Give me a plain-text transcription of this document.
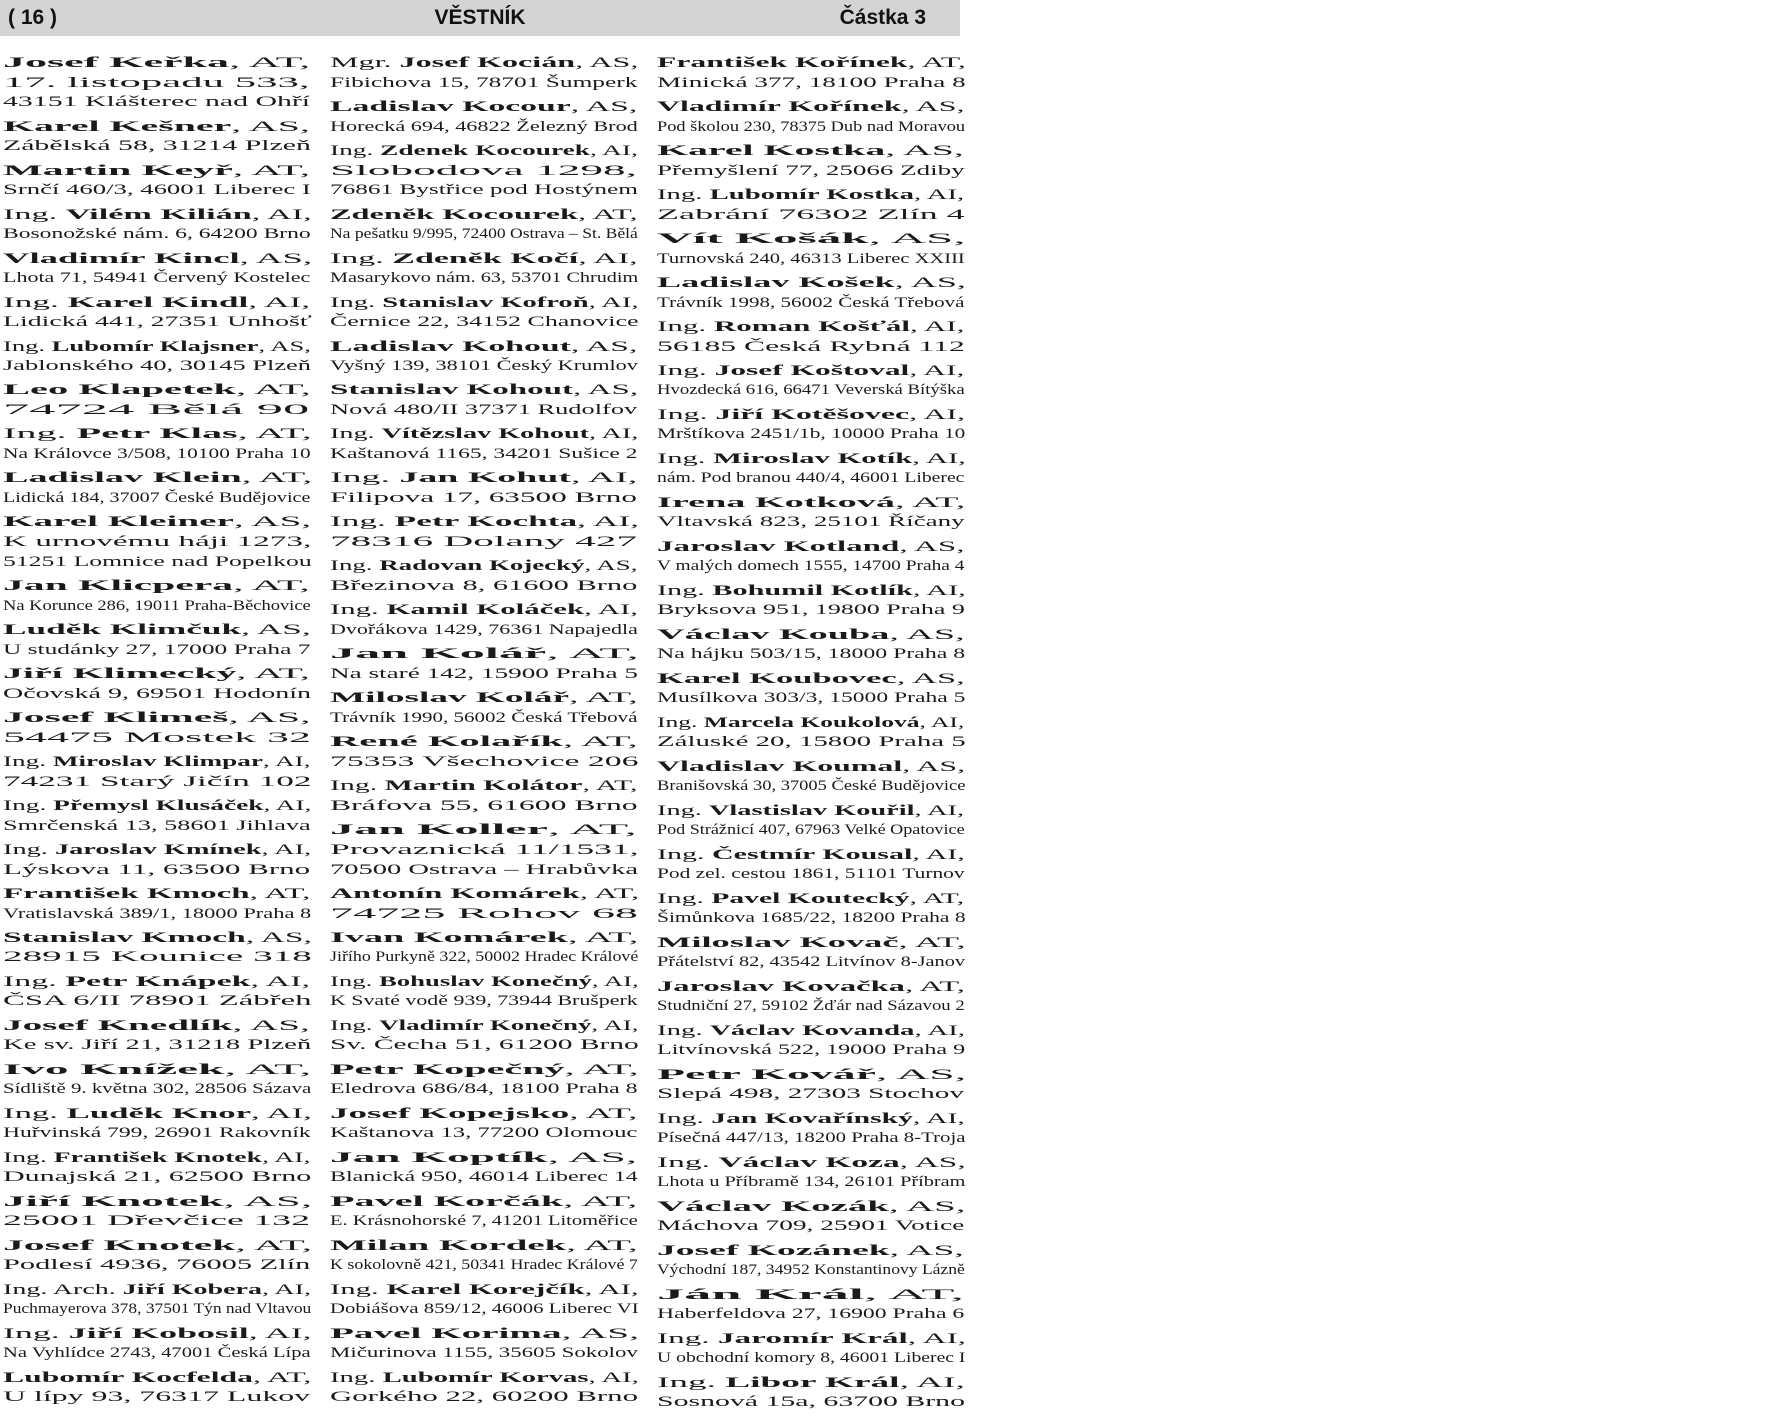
( 16 )	VĚSTNÍK	Částka 3
Josef Keřka, AT,
17. listopadu 533,
43151 Klášterec nad Ohří
Karel Kešner, AS,
Zábělská 58, 31214 Plzeň
Martin Keyř, AT,
Srnčí 460/3, 46001 Liberec I
Ing. Vilém Kilián, AI,
Bosonožské nám. 6, 64200 Brno
Vladimír Kincl, AS,
Lhota 71, 54941 Červený Kostelec
Ing. Karel Kindl, AI,
Lidická 441, 27351 Unhošť
Ing. Lubomír Klajsner, AS,
Jablonského 40, 30145 Plzeň
Leo Klapetek, AT,
74724 Bělá 90
Ing. Petr Klas, AT,
Na Královce 3/508, 10100 Praha 10
Ladislav Klein, AT,
Lidická 184, 37007 České Budějovice
Karel Kleiner, AS,
K urnovému háji 1273,
51251 Lomnice nad Popelkou
Jan Klicpera, AT,
Na Korunce 286, 19011 Praha-Běchovice
Luděk Klimčuk, AS,
U studánky 27, 17000 Praha 7
Jiří Klimecký, AT,
Očovská 9, 69501 Hodonín
Josef Klimeš, AS,
54475 Mostek 32
Ing. Miroslav Klimpar, AI,
74231 Starý Jičín 102
Ing. Přemysl Klusáček, AI,
Smrčenská 13, 58601 Jihlava
Ing. Jaroslav Kmínek, AI,
Lýskova 11, 63500 Brno
František Kmoch, AT,
Vratislavská 389/1, 18000 Praha 8
Stanislav Kmoch, AS,
28915 Kounice 318
Ing. Petr Knápek, AI,
ČSA 6/II 78901 Zábřeh
Josef Knedlík, AS,
Ke sv. Jiří 21, 31218 Plzeň
Ivo Knížek, AT,
Sídliště 9. května 302, 28506 Sázava
Ing. Luděk Knor, AI,
Huřvinská 799, 26901 Rakovník
Ing. František Knotek, AI,
Dunajská 21, 62500 Brno
Jiří Knotek, AS,
25001 Dřevčice 132
Josef Knotek, AT,
Podlesí 4936, 76005 Zlín
Ing. Arch. Jiří Kobera, AI,
Puchmayerova 378, 37501 Týn nad Vltavou
Ing. Jiří Kobosil, AI,
Na Vyhlídce 2743, 47001 Česká Lípa
Lubomír Kocfelda, AT,
U lípy 93, 76317 Lukov
Mgr. Josef Kocián, AS,
Fibichova 15, 78701 Šumperk
Ladislav Kocour, AS,
Horecká 694, 46822 Železný Brod
Ing. Zdenek Kocourek, AI,
Slobodova 1298,
76861 Bystřice pod Hostýnem
Zdeněk Kocourek, AT,
Na pešatku 9/995, 72400 Ostrava – St. Bělá
Ing. Zdeněk Kočí, AI,
Masarykovo nám. 63, 53701 Chrudim
Ing. Stanislav Kofroň, AI,
Černice 22, 34152 Chanovice
Ladislav Kohout, AS,
Vyšný 139, 38101 Český Krumlov
Stanislav Kohout, AS,
Nová 480/II 37371 Rudolfov
Ing. Vítězslav Kohout, AI,
Kaštanová 1165, 34201 Sušice 2
Ing. Jan Kohut, AI,
Filipova 17, 63500 Brno
Ing. Petr Kochta, AI,
78316 Dolany 427
Ing. Radovan Kojecký, AS,
Březinova 8, 61600 Brno
Ing. Kamil Koláček, AI,
Dvořákova 1429, 76361 Napajedla
Jan Kolář, AT,
Na staré 142, 15900 Praha 5
Miloslav Kolář, AT,
Trávník 1990, 56002 Česká Třebová
René Kolařík, AT,
75353 Všechovice 206
Ing. Martin Kolátor, AT,
Bráfova 55, 61600 Brno
Jan Koller, AT,
Provaznická 11/1531,
70500 Ostrava – Hrabůvka
Antonín Komárek, AT,
74725 Rohov 68
Ivan Komárek, AT,
Jiřího Purkyně 322, 50002 Hradec Králové
Ing. Bohuslav Konečný, AI,
K Svaté vodě 939, 73944 Brušperk
Ing. Vladimír Konečný, AI,
Sv. Čecha 51, 61200 Brno
Petr Kopečný, AT,
Eledrova 686/84, 18100 Praha 8
Josef Kopejsko, AT,
Kaštanova 13, 77200 Olomouc
Jan Koptík, AS,
Blanická 950, 46014 Liberec 14
Pavel Korčák, AT,
E. Krásnohorské 7, 41201 Litoměřice
Milan Kordek, AT,
K sokolovně 421, 50341 Hradec Králové 7
Ing. Karel Korejčík, AI,
Dobiášova 859/12, 46006 Liberec VI
Pavel Korima, AS,
Mičurinova 1155, 35605 Sokolov
Ing. Lubomír Korvas, AI,
Gorkého 22, 60200 Brno
František Kořínek, AT,
Minická 377, 18100 Praha 8
Vladimír Kořínek, AS,
Pod školou 230, 78375 Dub nad Moravou
Karel Kostka, AS,
Přemyšlení 77, 25066 Zdiby
Ing. Lubomír Kostka, AI,
Zabrání 76302 Zlín 4
Vít Košák, AS,
Turnovská 240, 46313 Liberec XXIII
Ladislav Košek, AS,
Trávník 1998, 56002 Česká Třebová
Ing. Roman Košťál, AI,
56185 Česká Rybná 112
Ing. Josef Koštoval, AI,
Hvozdecká 616, 66471 Veverská Bítýška
Ing. Jiří Kotěšovec, AI,
Mrštíkova 2451/1b, 10000 Praha 10
Ing. Miroslav Kotík, AI,
nám. Pod branou 440/4, 46001 Liberec
Irena Kotková, AT,
Vltavská 823, 25101 Říčany
Jaroslav Kotland, AS,
V malých domech 1555, 14700 Praha 4
Ing. Bohumil Kotlík, AI,
Bryksova 951, 19800 Praha 9
Václav Kouba, AS,
Na hájku 503/15, 18000 Praha 8
Karel Koubovec, AS,
Musílkova 303/3, 15000 Praha 5
Ing. Marcela Koukolová, AI,
Záluské 20, 15800 Praha 5
Vladislav Koumal, AS,
Branišovská 30, 37005 České Budějovice
Ing. Vlastislav Kouřil, AI,
Pod Strážnicí 407, 67963 Velké Opatovice
Ing. Čestmír Kousal, AI,
Pod zel. cestou 1861, 51101 Turnov
Ing. Pavel Koutecký, AT,
Šimůnkova 1685/22, 18200 Praha 8
Miloslav Kovač, AT,
Přátelství 82, 43542 Litvínov 8-Janov
Jaroslav Kovačka, AT,
Studniční 27, 59102 Žďár nad Sázavou 2
Ing. Václav Kovanda, AI,
Litvínovská 522, 19000 Praha 9
Petr Kovář, AS,
Slepá 498, 27303 Stochov
Ing. Jan Kovařínský, AI,
Písečná 447/13, 18200 Praha 8-Troja
Ing. Václav Koza, AS,
Lhota u Příbramě 134, 26101 Příbram
Václav Kozák, AS,
Máchova 709, 25901 Votice
Josef Kozánek, AS,
Východní 187, 34952 Konstantinovy Lázně
Ján Král, AT,
Haberfeldova 27, 16900 Praha 6
Ing. Jaromír Král, AI,
U obchodní komory 8, 46001 Liberec I
Ing. Libor Král, AI,
Sosnová 15a, 63700 Brno
